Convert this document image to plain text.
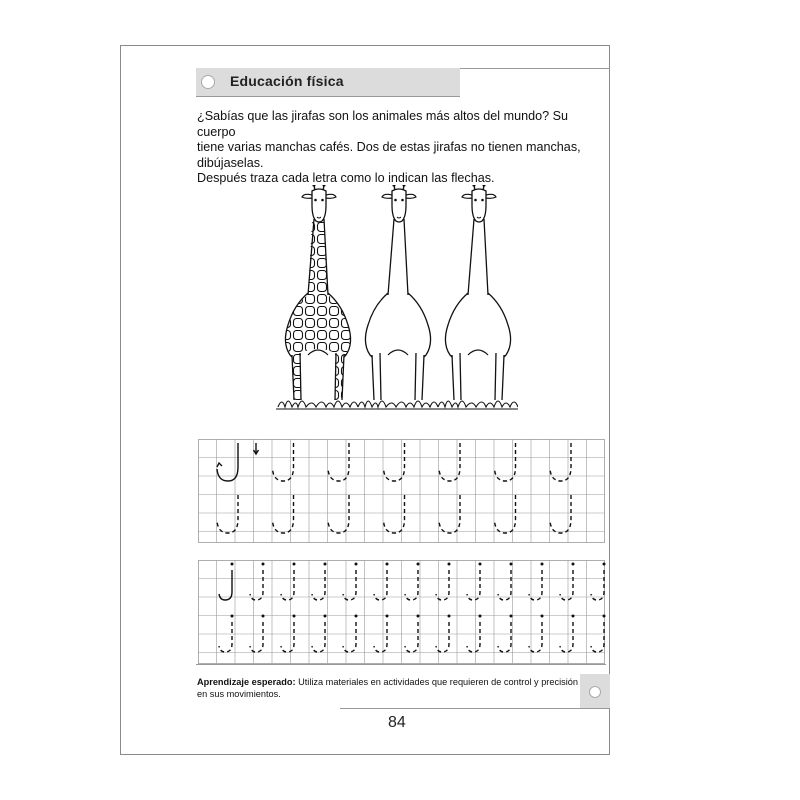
Educación física

¿Sabías que las jirafas son los animales más altos del mundo? Su cuerpo

tiene varias manchas cafés. Dos de estas jirafas no tienen manchas,

dibújaselas.

Después traza cada letra como lo indican las flechas.

Aprendizaje esperado: Utiliza materiales en actividades que requieren de control y precisión en sus movimientos.
84
